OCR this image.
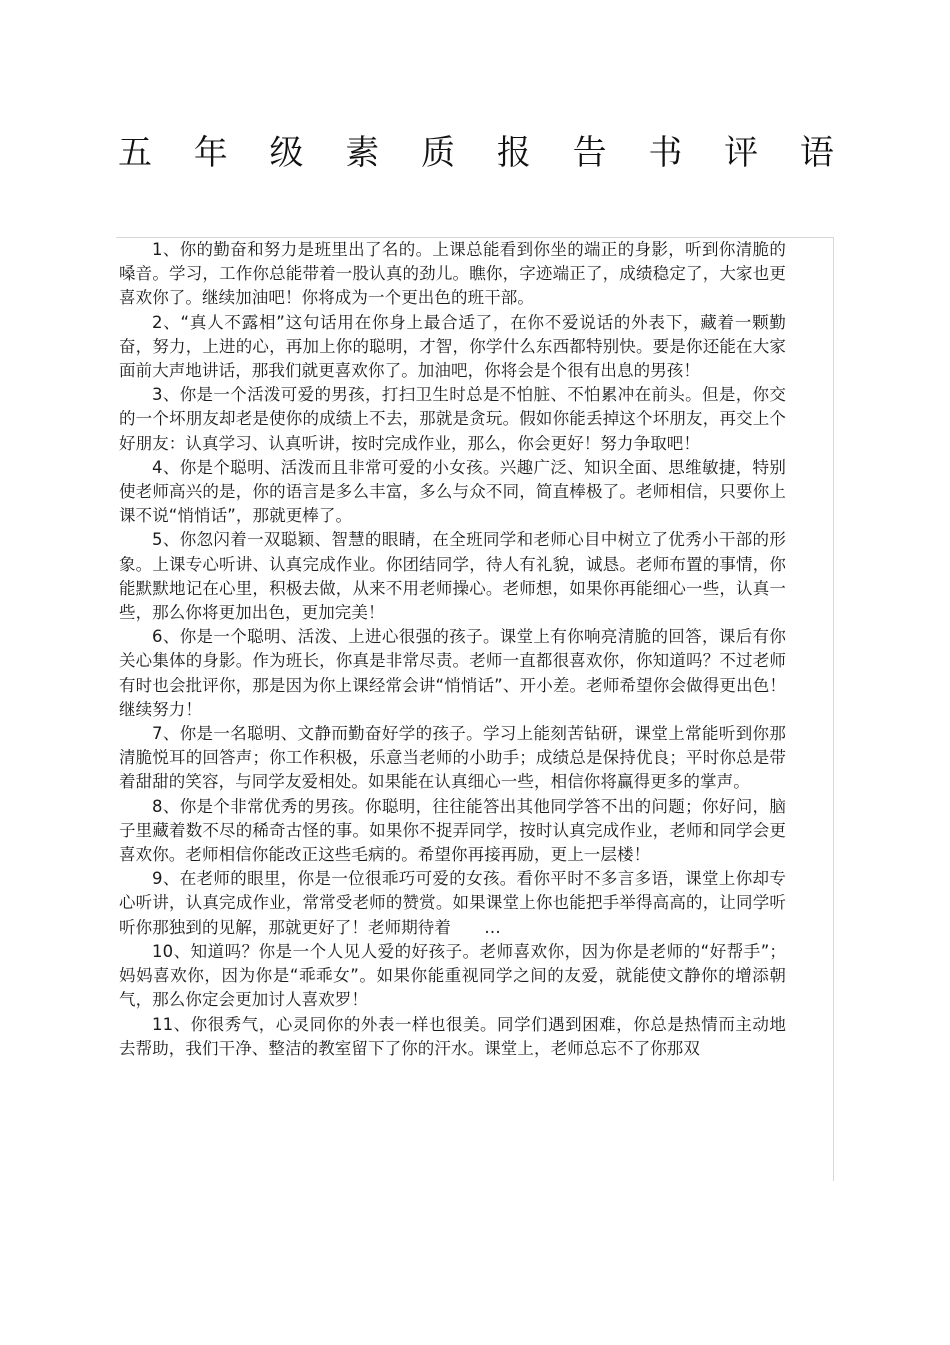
五 年 级 素 质 报 告 书 评 语

1、你的勤奋和努力是班里出了名的。上课总能看到你坐的端正的身影，听到你清脆的嗓音。学习，工作你总能带着一股认真的劲儿。瞧你，字迹端正了，成绩稳定了，大家也更喜欢你了。继续加油吧！你将成为一个更出色的班干部。

2、“真人不露相”这句话用在你身上最合适了，在你不爱说话的外表下，藏着一颗勤奋，努力，上进的心，再加上你的聪明，才智，你学什么东西都特别快。要是你还能在大家面前大声地讲话，那我们就更喜欢你了。加油吧，你将会是个很有出息的男孩！

3、你是一个活泼可爱的男孩，打扫卫生时总是不怕脏、不怕累冲在前头。但是，你交的一个坏朋友却老是使你的成绩上不去，那就是贪玩。假如你能丢掉这个坏朋友，再交上个好朋友：认真学习、认真听讲，按时完成作业，那么，你会更好！努力争取吧！

4、你是个聪明、活泼而且非常可爱的小女孩。兴趣广泛、知识全面、思维敏捷，特别使老师高兴的是，你的语言是多么丰富，多么与众不同，简直棒极了。老师相信，只要你上课不说“悄悄话”，那就更棒了。

5、你忽闪着一双聪颖、智慧的眼睛，在全班同学和老师心目中树立了优秀小干部的形象。上课专心听讲、认真完成作业。你团结同学，待人有礼貌，诚恳。老师布置的事情，你能默默地记在心里，积极去做，从来不用老师操心。老师想，如果你再能细心一些，认真一些，那么你将更加出色，更加完美！

6、你是一个聪明、活泼、上进心很强的孩子。课堂上有你响亮清脆的回答，课后有你关心集体的身影。作为班长，你真是非常尽责。老师一直都很喜欢你，你知道吗？不过老师有时也会批评你，那是因为你上课经常会讲“悄悄话”、开小差。老师希望你会做得更出色！继续努力！

7、你是一名聪明、文静而勤奋好学的孩子。学习上能刻苦钻研，课堂上常能听到你那清脆悦耳的回答声；你工作积极，乐意当老师的小助手；成绩总是保持优良；平时你总是带着甜甜的笑容，与同学友爱相处。如果能在认真细心一些，相信你将赢得更多的掌声。

8、你是个非常优秀的男孩。你聪明，往往能答出其他同学答不出的问题；你好问，脑子里藏着数不尽的稀奇古怪的事。如果你不捉弄同学，按时认真完成作业，老师和同学会更喜欢你。老师相信你能改正这些毛病的。希望你再接再励，更上一层楼！

9、在老师的眼里，你是一位很乖巧可爱的女孩。看你平时不多言多语，课堂上你却专心听讲，认真完成作业，常常受老师的赞赏。如果课堂上你也能把手举得高高的，让同学听听你那独到的见解，那就更好了！老师期待着　　…

10、知道吗？你是一个人见人爱的好孩子。老师喜欢你，因为你是老师的“好帮手”；妈妈喜欢你，因为你是“乖乖女”。如果你能重视同学之间的友爱，就能使文静你的增添朝气，那么你定会更加讨人喜欢罗！

11、你很秀气，心灵同你的外表一样也很美。同学们遇到困难，你总是热情而主动地去帮助，我们干净、整洁的教室留下了你的汗水。课堂上，老师总忘不了你那双
